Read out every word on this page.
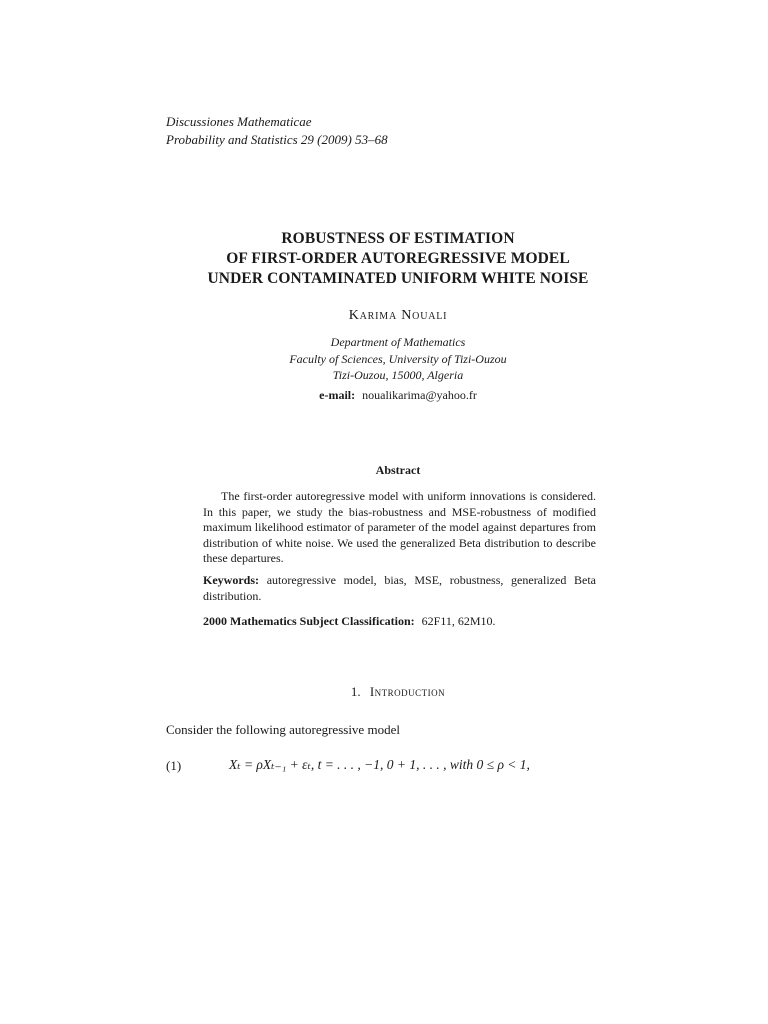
Discussiones Mathematicae
Probability and Statistics 29 (2009) 53–68
ROBUSTNESS OF ESTIMATION
OF FIRST-ORDER AUTOREGRESSIVE MODEL
UNDER CONTAMINATED UNIFORM WHITE NOISE
Karima Nouali
Department of Mathematics
Faculty of Sciences, University of Tizi-Ouzou
Tizi-Ouzou, 15000, Algeria
e-mail: noualikarima@yahoo.fr
Abstract
The first-order autoregressive model with uniform innovations is considered. In this paper, we study the bias-robustness and MSE-robustness of modified maximum likelihood estimator of parameter of the model against departures from distribution of white noise. We used the generalized Beta distribution to describe these departures.
Keywords: autoregressive model, bias, MSE, robustness, generalized Beta distribution.
2000 Mathematics Subject Classification: 62F11, 62M10.
1. Introduction
Consider the following autoregressive model
(1)	Xₜ = ρXₜ₋₁ + εₜ, t = . . . , −1, 0 + 1, . . . , with 0 ≤ ρ < 1,
